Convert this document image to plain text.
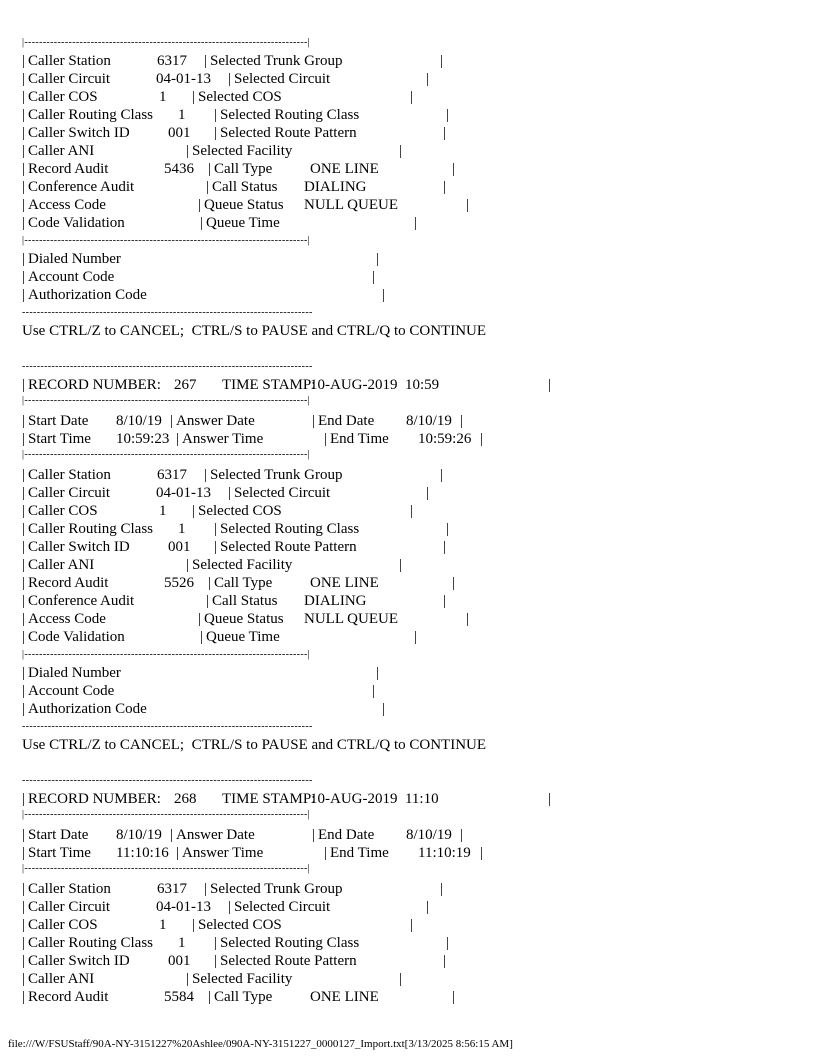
|-----------------------------------------------------------------------------|
| Caller Station	6317 | Selected Trunk Group	|
| Caller Circuit	04-01-13 | Selected Circuit	|
| Caller COS	1 | Selected COS	|
| Caller Routing Class 1 | Selected Routing Class	|
| Caller Switch ID	001 | Selected Route Pattern	|
| Caller ANI	| Selected Facility	|
| Record Audit	5436 | Call Type	ONE LINE	|
| Conference Audit	| Call Status DIALING	|
| Access Code	| Queue Status NULL QUEUE	|
| Code Validation	| Queue Time	|
|-----------------------------------------------------------------------------|
| Dialed Number	|
| Account Code	|
| Authorization Code	|
-------------------------------------------------------------------------------
Use CTRL/Z to CANCEL;  CTRL/S to PAUSE and CTRL/Q to CONTINUE
-------------------------------------------------------------------------------
| RECORD NUMBER: 267 TIME STAMP:
10-AUG-2019  10:59	|
|-----------------------------------------------------------------------------|
| Start Date 8/10/19 | Answer Date	| End Date 8/10/19 |
| Start Time 10:59:23 | Answer Time	| End Time 10:59:26 |
|-----------------------------------------------------------------------------|
| Caller Station	6317 | Selected Trunk Group	|
| Caller Circuit	04-01-13 | Selected Circuit	|
| Caller COS	1 | Selected COS	|
| Caller Routing Class 1 | Selected Routing Class	|
| Caller Switch ID	001 | Selected Route Pattern	|
| Caller ANI	| Selected Facility	|
| Record Audit	5526 | Call Type	ONE LINE	|
| Conference Audit	| Call Status DIALING	|
| Access Code	| Queue Status NULL QUEUE	|
| Code Validation	| Queue Time	|
|-----------------------------------------------------------------------------|
| Dialed Number	|
| Account Code	|
| Authorization Code	|
-------------------------------------------------------------------------------
Use CTRL/Z to CANCEL;  CTRL/S to PAUSE and CTRL/Q to CONTINUE
-------------------------------------------------------------------------------
| RECORD NUMBER: 268 TIME STAMP:
10-AUG-2019  11:10	|
|-----------------------------------------------------------------------------|
| Start Date 8/10/19 | Answer Date	| End Date 8/10/19 |
| Start Time 11:10:16 | Answer Time	| End Time 11:10:19 |
|-----------------------------------------------------------------------------|
| Caller Station	6317 | Selected Trunk Group	|
| Caller Circuit	04-01-13 | Selected Circuit	|
| Caller COS	1 | Selected COS	|
| Caller Routing Class 1 | Selected Routing Class	|
| Caller Switch ID	001 | Selected Route Pattern	|
| Caller ANI	| Selected Facility	|
| Record Audit	5584 | Call Type	ONE LINE	|
file:///W/FSUStaff/90A-NY-3151227%20Ashlee/090A-NY-3151227_0000127_Import.txt[3/13/2025 8:56:15 AM]
